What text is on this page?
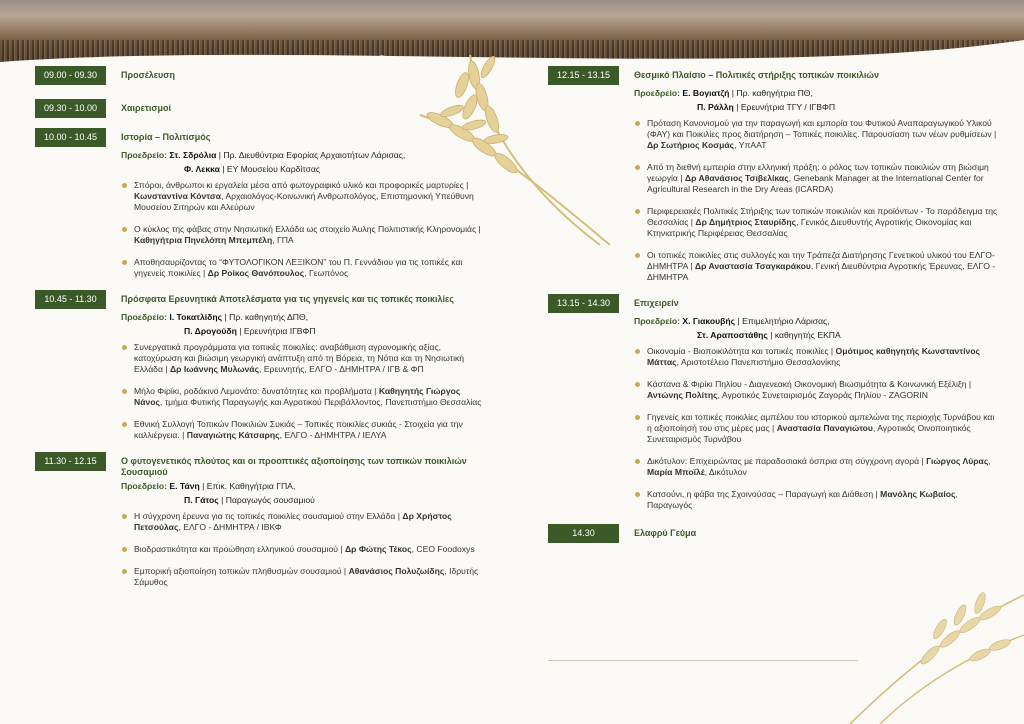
09.00 - 09.30	Προσέλευση
09.30 - 10.00	Χαιρετισμοί
10.00 - 10.45	Ιστορία – Πολιτισμός
Προεδρείο: Στ. Σδρόλια | Πρ. Διευθύντρια Εφορίας Αρχαιοτήτων Λάρισας,
Φ. Λεκκα | ΕΥ Μουσείου Καρδίτσας
Σπόροι, άνθρωποι κι εργαλεία μέσα από φωτογραφικό υλικό και προφορικές μαρτυρίες | Κωνσταντίνα Κόντσα, Αρχαιολόγος-Κοινωνική Ανθρωπολόγος, Επιστημονική Υπεύθυνη Μουσείου Σιτηρών και Αλεύρων
Ο κύκλος της φάβας στην Νησιωτική Ελλάδα ως στοιχείο Άυλης Πολιτιστικής Κληρονομιάς | Καθηγήτρια Πηνελόπη Μπεμπέλη, ΓΠΑ
Αποθησαυρίζοντας το “ΦΥΤΟΛΟΓΙΚΟΝ ΛΕΞΙΚΟΝ” του Π. Γεννάδιου για τις τοπικές και γηγενείς ποικιλίες | Δρ Ροίκος Θανόπουλος, Γεωπόνος
10.45 - 11.30	Πρόσφατα Ερευνητικά Αποτελέσματα για τις γηγενείς και τις τοπικές ποικιλίες
Προεδρείο: Ι. Τοκατλίδης | Πρ. καθηγητής ΔΠΘ,
Π. Δρογούδη | Ερευνήτρια ΙΓΒΦΠ
Συνεργατικά προγράμματα για τοπικές ποικιλίες: αναβάθμιση αγρονομικής αξίας, κατοχύρωση και βιώσιμη γεωργική ανάπτυξη από τη Βόρεια, τη Νότια και τη Νησιωτική Ελλάδα | Δρ Ιωάννης Μυλωνάς, Ερευνητής, ΕΛΓΟ - ΔΗΜΗΤΡΑ / ΙΓΒ & ΦΠ
Μήλο Φιρίκι, ροδάκινο Λεμονάτο: δυνατότητες και προβλήματα | Καθηγητής Γιώργος Νάνος, τμήμα Φυτικής Παραγωγής και Αγροτικού Περιβάλλοντος, Πανεπιστήμιο Θεσσαλίας
Εθνική Συλλογή Τοπικών Ποικιλιών Συκιάς – Τοπικές ποικιλίες συκιάς - Στοιχεία για την καλλιέργεια. | Παναγιώτης Κάτσαρης, ΕΛΓΟ - ΔΗΜΗΤΡΑ / ΙΕΛΥΑ
11.30 - 12.15	Ο φυτογενετικός πλούτος και οι προοπτικές αξιοποίησης των τοπικών ποικιλιών Σουσαμιού
Προεδρείο: Ε. Τάνη | Επικ. Καθηγήτρια ΓΠΑ,
Π. Γάτος | Παραγωγός σουσαμιού
Η σύγχρονη έρευνα για τις τοπικές ποικιλίες σουσαμιού στην Ελλάδα | Δρ Χρήστος Πετσούλας, ΕΛΓΟ - ΔΗΜΗΤΡΑ / ΙΒΚΦ
Βιοδραστικότητα και προώθηση ελληνικού σουσαμιού | Δρ Φώτης Τέκος, CEO Foodoxys
Εμπορική αξιοποίηση τοπικών πληθυσμών σουσαμιού | Αθανάσιος Πολυζωίδης, Ιδρυτής Σάμυθος
12.15 - 13.15	Θεσμικό Πλαίσιο – Πολιτικές στήριξης τοπικών ποικιλιών
Προεδρείο: Ε. Βογιατζή | Πρ. καθηγήτρια ΠΘ,
Π. Ράλλη | Ερευνήτρια ΤΓΥ / ΙΓΒΦΠ
Πρόταση Κανονισμού για την παραγωγή και εμπορία του Φυτικού Αναπαραγωγικού Υλικού (ΦΑΥ) και Ποικιλίες προς διατήρηση – Τοπικές ποικιλίες. Παρουσίαση των νέων ρυθμίσεων | Δρ Σωτήριος Κοσμάς, ΥπΑΑΤ
Από τη διεθνή εμπειρία στην ελληνική πράξη: ο ρόλος των τοπικών ποικιλιών στη βιώσιμη γεωργία | Δρ Αθανάσιος Τσιβελίκας, Genebank Manager at the International Center for Agricultural Research in the Dry Areas (ICARDA)
Περιφερειακές Πολιτικές Στήριξης των τοπικών ποικιλιών και προϊόντων - Το παράδειγμα της Θεσσαλίας | Δρ Δημήτριος Σταυρίδης, Γενικός Διευθυντής Αγροτικής Οικονομίας και Κτηνιατρικής Περιφέρειας Θεσσαλίας
Οι τοπικές ποικιλίες στις συλλογές και την Τράπεζα Διατήρησης Γενετικού υλικού του ΕΛΓΟ-ΔΗΜΗΤΡΑ | Δρ Αναστασία Τσαγκαράκου, Γενική Διευθύντρια Αγροτικής Έρευνας, ΕΛΓΟ - ΔΗΜΗΤΡΑ
13.15 - 14.30	Επιχειρείν
Προεδρείο: Χ. Γιακουβής | Επιμελητήριο Λάρισας,
Στ. Αραποστάθης | καθηγητής ΕΚΠΑ
Οικονομία - Βιοποικιλότητα και τοπικές ποικιλίες | Ομότιμος καθηγητής Κωνσταντίνος Μάττας, Αριστοτέλειο Πανεπιστήμιο Θεσσαλονίκης
Κάστανα & Φιρίκι Πηλίου - Διαγενεακή Οικονομική Βιωσιμότητα & Κοινωνική Εξέλιξη | Αντώνης Πολίτης, Αγροτικός Συνεταιρισμός Ζαγοράς Πηλίου - ZAGORIN
Γηγενείς και τοπικές ποικιλίες αμπέλου του ιστορικού αμπελώνα της περιοχής Τυρνάβου και η αξιοποίησή του στις μέρες μας | Αναστασία Παναγιώτου, Αγροτικός Οινοποιητικός Συνεταιρισμός Τυρνάβου
Δικότυλον: Επιχειρώντας με παραδοσιακά όσπρια στη σύγχρονη αγορά | Γιώργος Λύρας, Μαρία Μποϊλέ, Δικότυλον
Κατσούνι, η φάβα της Σχοινούσας – Παραγωγή και Διάθεση | Μανόλης Κωβαίος, Παραγωγός
14.30	Ελαφρύ Γεύμα
